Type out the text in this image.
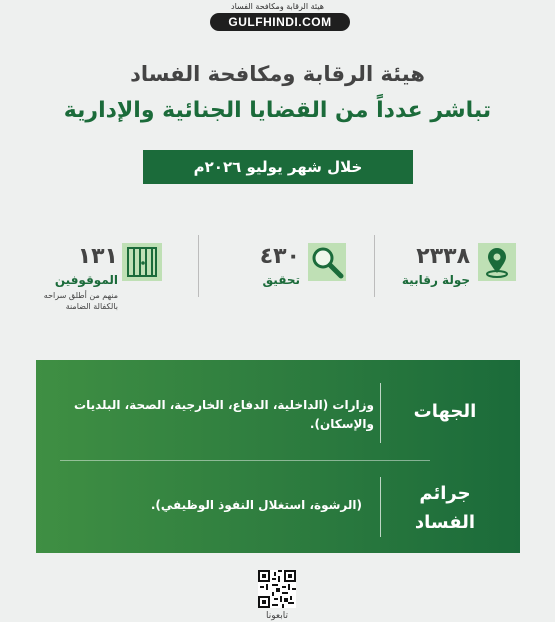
هيئة الرقابة ومكافحة الفساد
GULFHINDI.COM
هيئة الرقابة ومكافحة الفساد
تباشر عدداً من القضايا الجنائية والإدارية
خلال شهر يوليو ٢٠٢٦م
٢٣٣٨
جولة رقابية
٤٣٠
تحقيق
١٣١
الموقوفين
منهم من أطلق سراحه بالكفالة الضامنة
الجهات
وزارات (الداخلية، الدفاع، الخارجية، الصحة، البلديات والإسكان).
جرائم
الفساد
(الرشوة، استغلال النفوذ الوظيفي).
تابعونا
